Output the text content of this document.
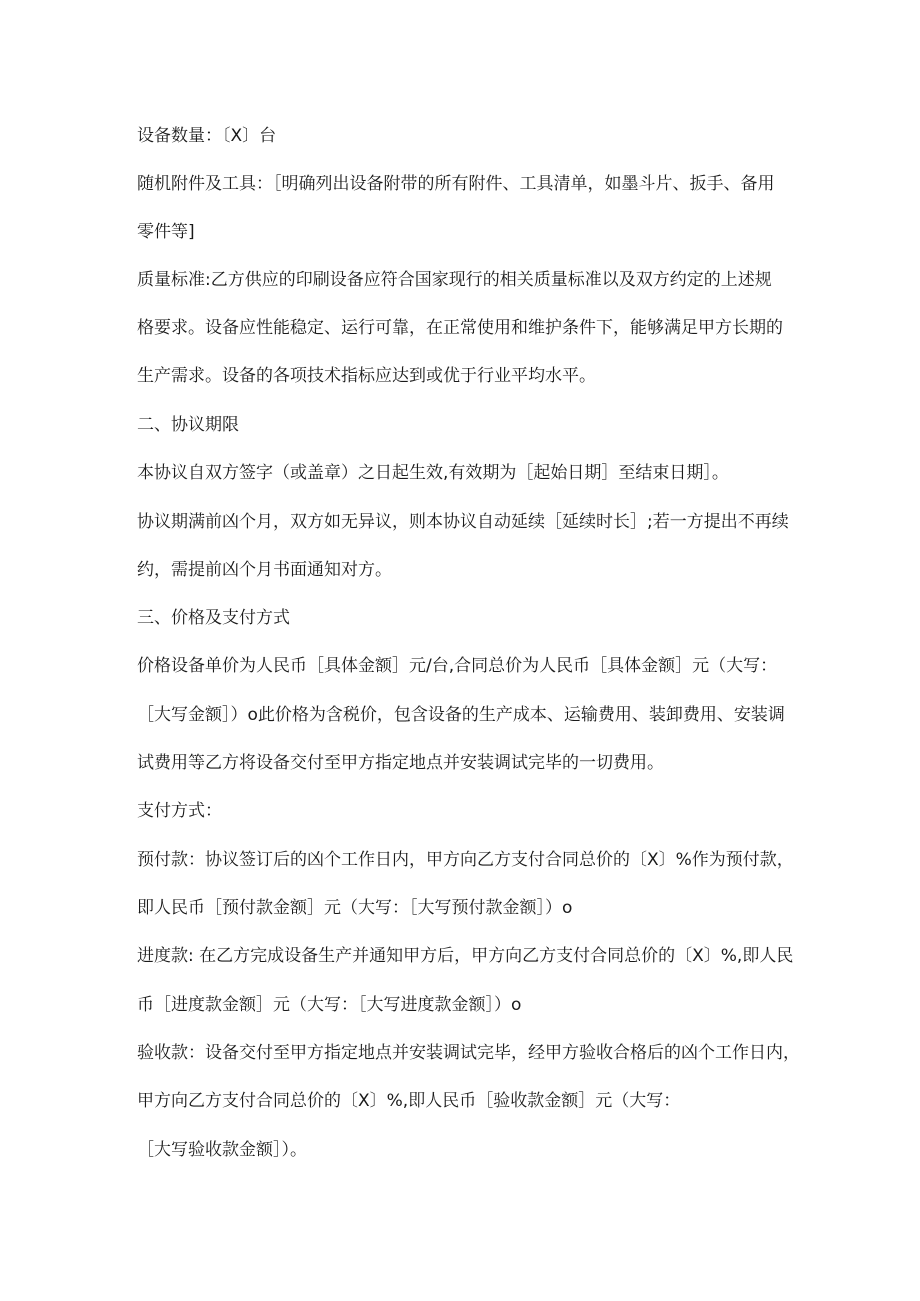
设备数量：〔X〕台
随机附件及工具：［明确列出设备附带的所有附件、工具清单，如墨斗片、扳手、备用
零件等]
质量标准:乙方供应的印刷设备应符合国家现行的相关质量标准以及双方约定的上述规
格要求。设备应性能稳定、运行可靠，在正常使用和维护条件下，能够满足甲方长期的
生产需求。设备的各项技术指标应达到或优于行业平均水平。
二、协议期限
本协议自双方签字（或盖章）之日起生效,有效期为［起始日期］至结束日期］。
协议期满前凶个月，双方如无异议，则本协议自动延续［延续时长］;若一方提出不再续
约，需提前凶个月书面通知对方。
三、价格及支付方式
价格设备单价为人民币［具体金额］元/台,合同总价为人民币［具体金额］元（大写：
［大写金额］）o此价格为含税价，包含设备的生产成本、运输费用、装卸费用、安装调
试费用等乙方将设备交付至甲方指定地点并安装调试完毕的一切费用。
支付方式：
预付款：协议签订后的凶个工作日内，甲方向乙方支付合同总价的〔X〕%作为预付款，
即人民币［预付款金额］元（大写：［大写预付款金额］）o
进度款: 在乙方完成设备生产并通知甲方后，甲方向乙方支付合同总价的〔X〕%,即人民
币［进度款金额］元（大写：［大写进度款金额］）o
验收款：设备交付至甲方指定地点并安装调试完毕，经甲方验收合格后的凶个工作日内，
甲方向乙方支付合同总价的〔X〕%,即人民币［验收款金额］元（大写：
［大写验收款金额］）。
